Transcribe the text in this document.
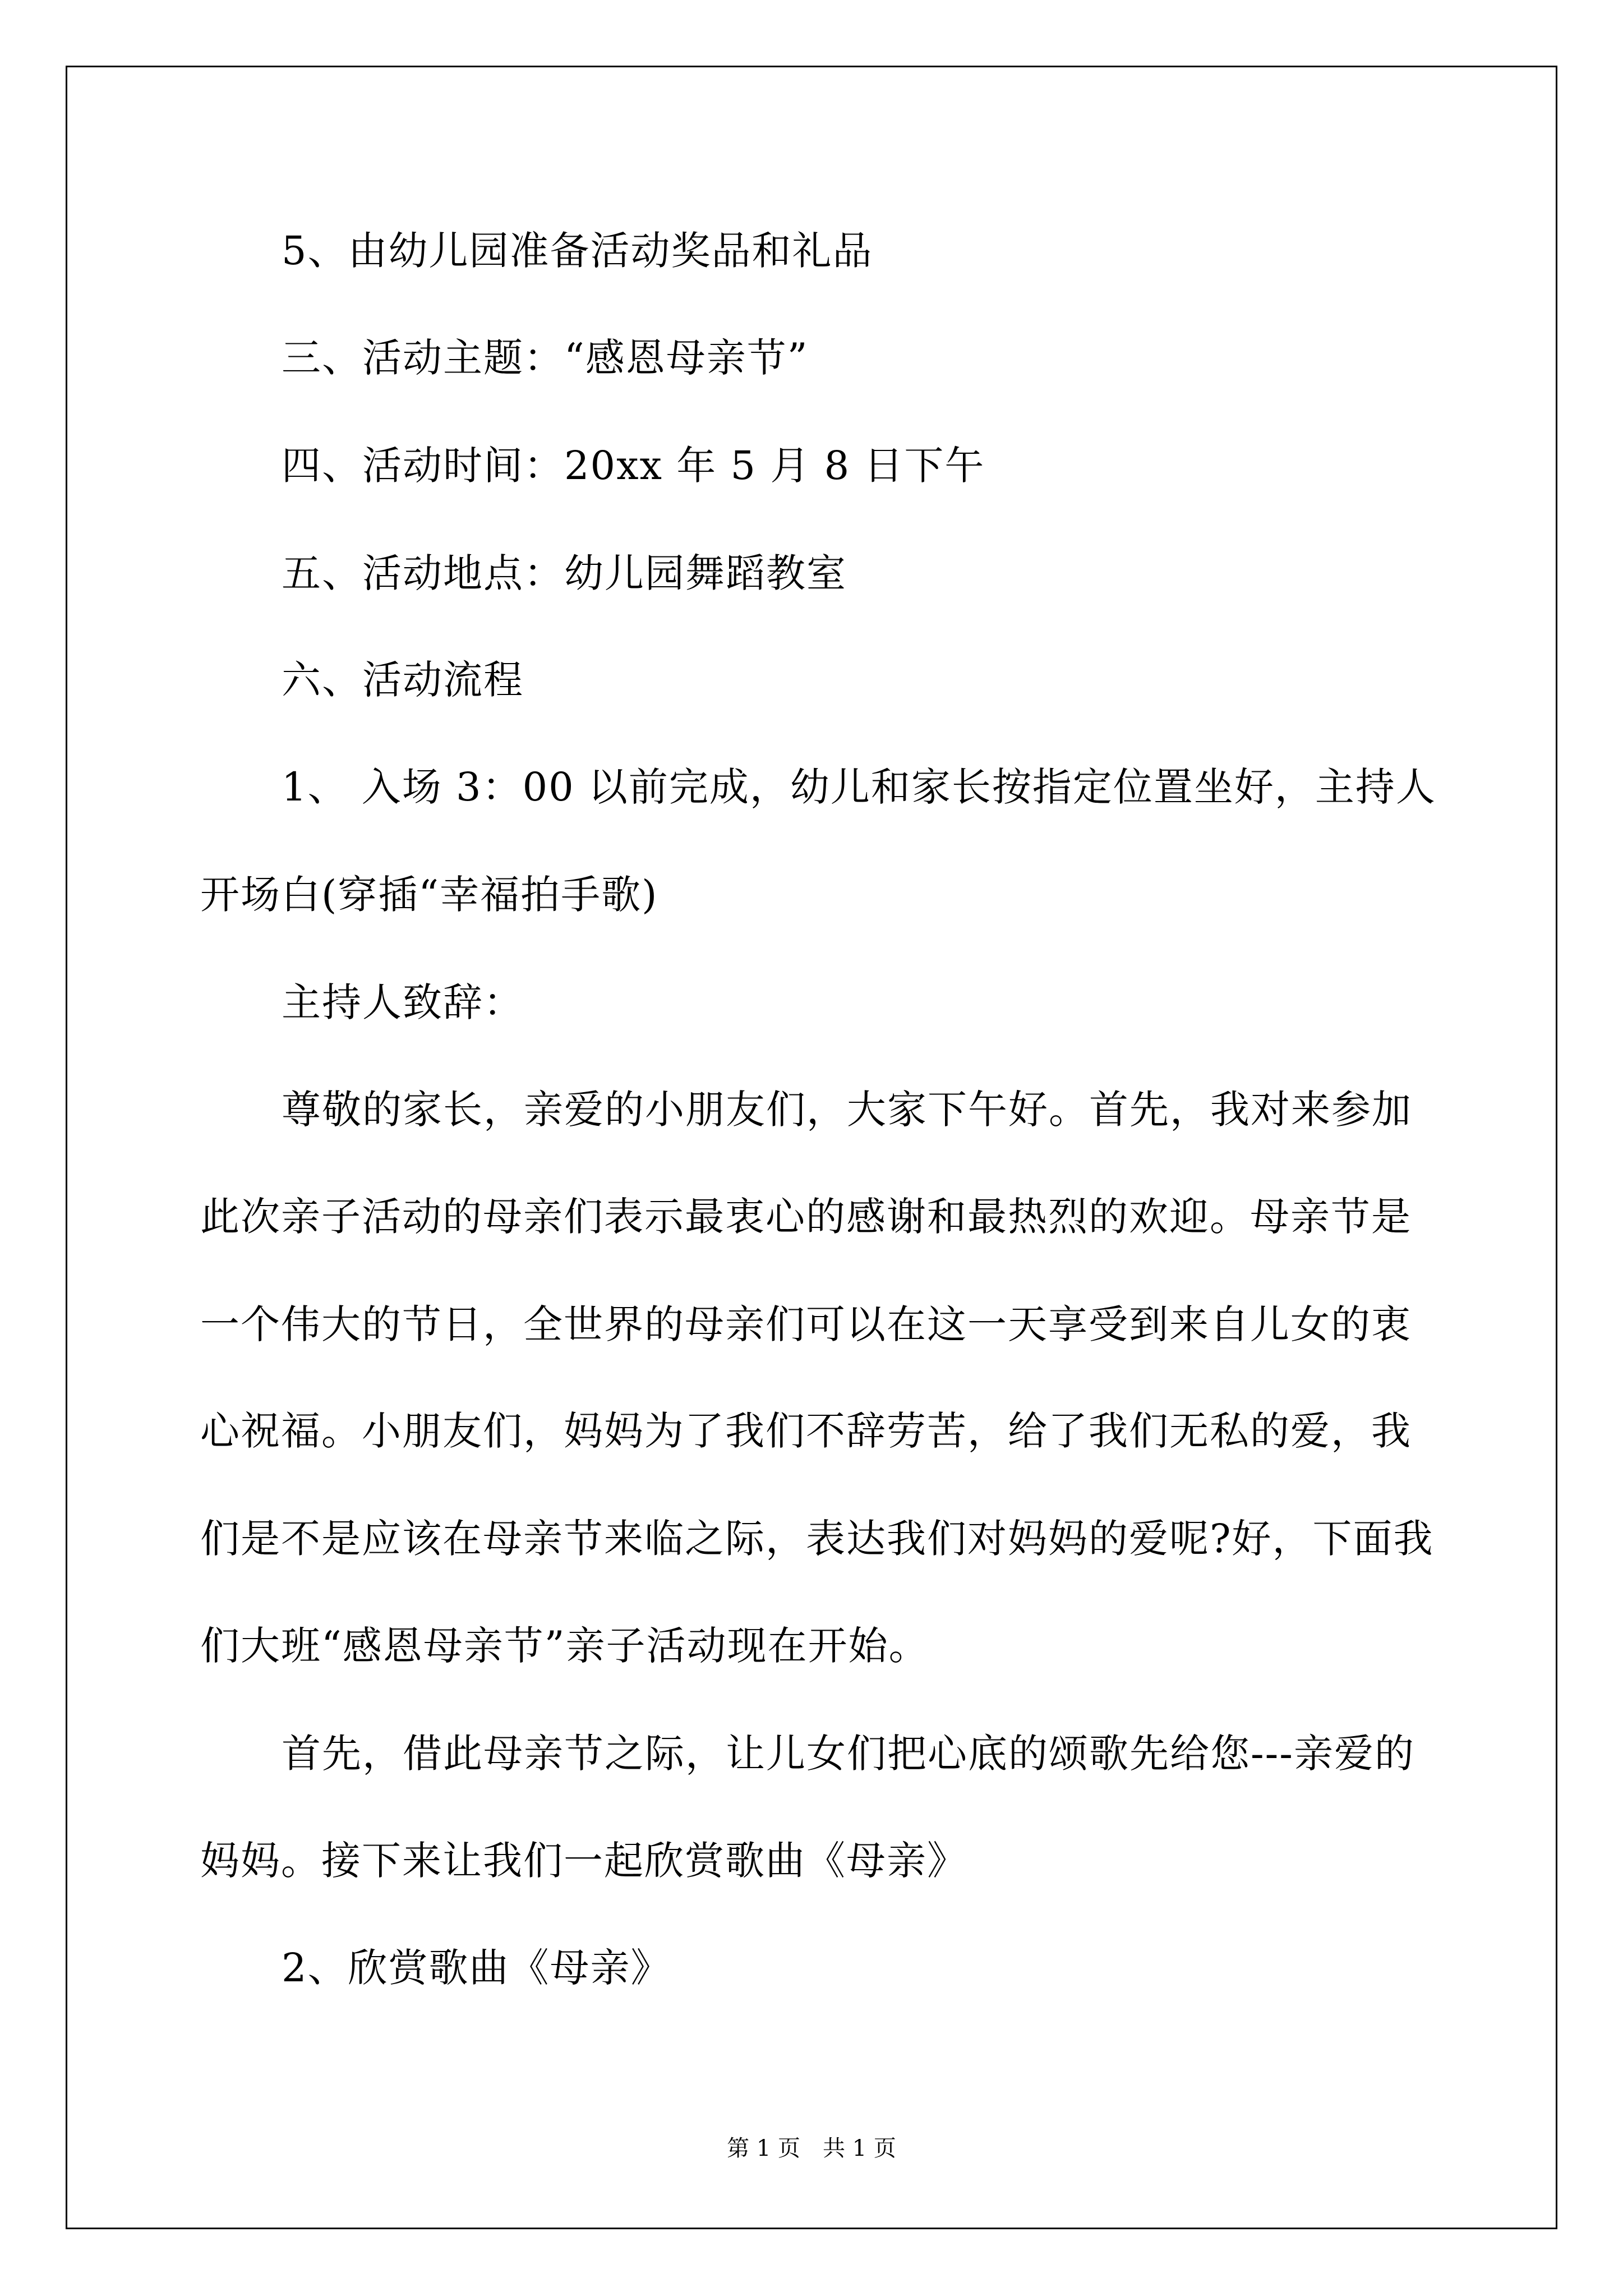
5、由幼儿园准备活动奖品和礼品

三、活动主题：“感恩母亲节”

四、活动时间：20xx 年 5 月 8 日下午

五、活动地点：幼儿园舞蹈教室

六、活动流程

1、 入场 3：00 以前完成，幼儿和家长按指定位置坐好，主持人

开场白(穿插“幸福拍手歌)

主持人致辞：

尊敬的家长，亲爱的小朋友们，大家下午好。首先，我对来参加

此次亲子活动的母亲们表示最衷心的感谢和最热烈的欢迎。母亲节是

一个伟大的节日，全世界的母亲们可以在这一天享受到来自儿女的衷

心祝福。小朋友们，妈妈为了我们不辞劳苦，给了我们无私的爱，我

们是不是应该在母亲节来临之际，表达我们对妈妈的爱呢?好，下面我

们大班“感恩母亲节”亲子活动现在开始。

首先，借此母亲节之际，让儿女们把心底的颂歌先给您---亲爱的

妈妈。接下来让我们一起欣赏歌曲《母亲》

2、欣赏歌曲《母亲》

第 1 页　共 1 页
